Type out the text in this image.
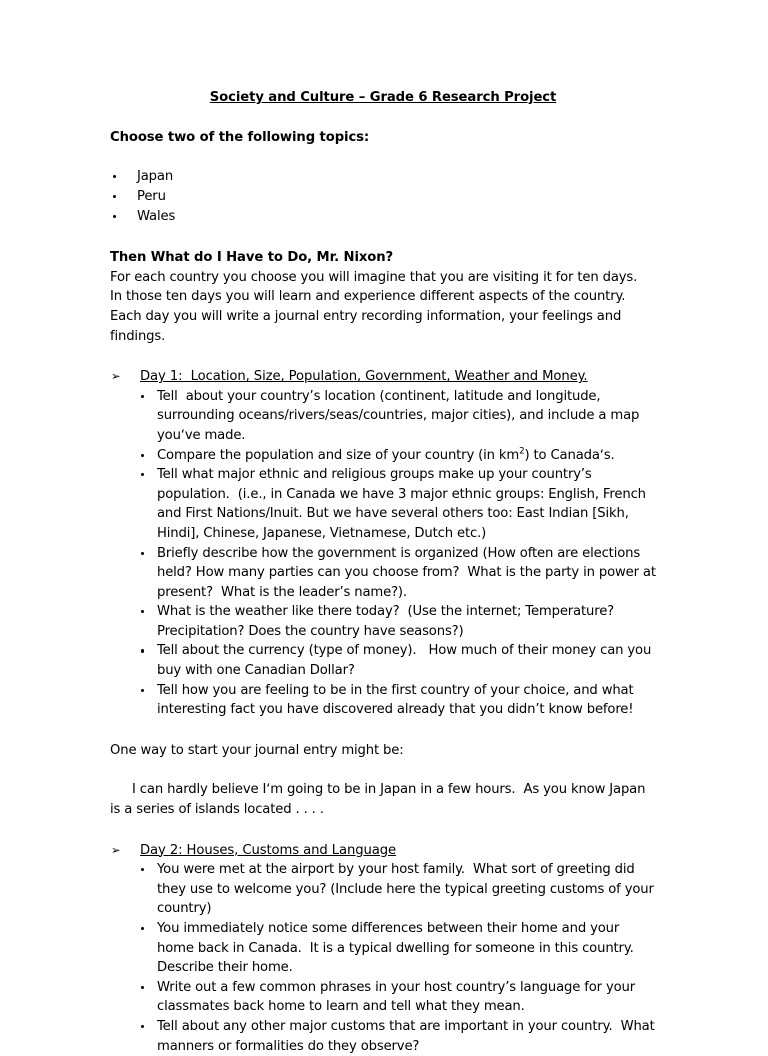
Society and Culture – Grade 6 Research Project
Choose two of the following topics:
Japan
Peru
Wales
Then What do I Have to Do, Mr. Nixon?
For each country you choose you will imagine that you are visiting it for ten days.  In those ten days you will learn and experience different aspects of the country.  Each day you will write a journal entry recording information, your feelings and findings.
➢ Day 1:  Location, Size, Population, Government, Weather and Money.
Tell  about your country’s location (continent, latitude and longitude, surrounding oceans/rivers/seas/countries, major cities), and include a map youʻve made.
Compare the population and size of your country (in $km^2$) to Canadaʻs.
Tell what major ethnic and religious groups make up your country’s population.  (i.e., in Canada we have 3 major ethnic groups: English, French and First Nations/Inuit. But we have several others too: East Indian [Sikh, Hindi], Chinese, Japanese, Vietnamese, Dutch etc.)
Briefly describe how the government is organized (How often are elections held? How many parties can you choose from?  What is the party in power at present?  What is the leader’s name?).
What is the weather like there today?  (Use the internet; Temperature? Precipitation? Does the country have seasons?)
Tell about the currency (type of money).   How much of their money can you buy with one Canadian Dollar?
Tell how you are feeling to be in the first country of your choice, and what interesting fact you have discovered already that you didn’t know before!
One way to start your journal entry might be:
I can hardly believe Iʻm going to be in Japan in a few hours.  As you know Japan is a series of islands located . . . .
➢ Day 2: Houses, Customs and Language
You were met at the airport by your host family.  What sort of greeting did they use to welcome you? (Include here the typical greeting customs of your country)
You immediately notice some differences between their home and your home back in Canada.  It is a typical dwelling for someone in this country.  Describe their home.
Write out a few common phrases in your host country’s language for your classmates back home to learn and tell what they mean.
Tell about any other major customs that are important in your country.  What manners or formalities do they observe?
